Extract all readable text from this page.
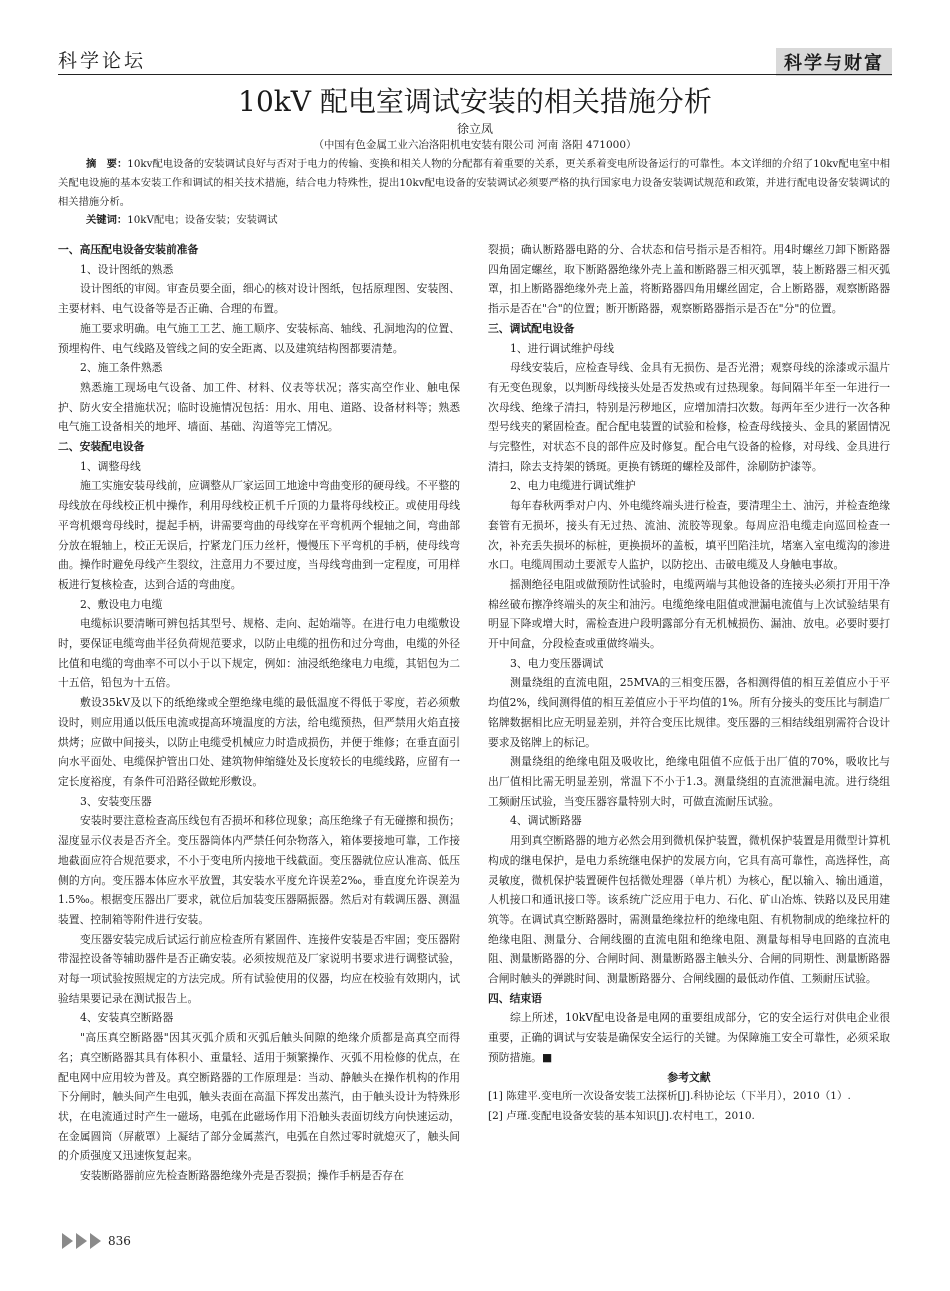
科学论坛	科学与财富
10kV 配电室调试安装的相关措施分析
徐立凤
（中国有色金属工业六冶洛阳机电安装有限公司 河南 洛阳 471000）
摘　要：10kv配电设备的安装调试良好与否对于电力的传输、变换和相关人物的分配都有着重要的关系，更关系着变电所设备运行的可靠性。本文详细的介绍了10kv配电室中相关配电设施的基本安装工作和调试的相关技术措施，结合电力特殊性，提出10kv配电设备的安装调试必须要严格的执行国家电力设备安装调试规范和政策，并进行配电设备安装调试的相关措施分析。
关键词：10kV配电；设备安装；安装调试

一、高压配电设备安装前准备

1、设计图纸的熟悉

设计图纸的审阅。审查员要全面，细心的核对设计图纸，包括原理图、安装图、主要材料、电气设备等是否正确、合理的布置。

施工要求明确。电气施工工艺、施工顺序、安装标高、轴线、孔洞地沟的位置、预埋构件、电气线路及管线之间的安全距离、以及建筑结构图都要清楚。

2、施工条件熟悉

熟悉施工现场电气设备、加工件、材料、仪表等状况；落实高空作业、触电保护、防火安全措施状况；临时设施情况包括：用水、用电、道路、设备材料等；熟悉电气施工设备相关的地坪、墙面、基础、沟道等完工情况。

二、安装配电设备

1、调整母线

施工实施安装母线前，应调整从厂家运回工地途中弯曲变形的硬母线。不平整的母线放在母线校正机中操作，利用母线校正机千斤顶的力量将母线校正。或使用母线平弯机煨弯母线时，提起手柄，讲需要弯曲的母线穿在平弯机两个辊轴之间，弯曲部分放在辊轴上，校正无误后，拧紧龙门压力丝杆，慢慢压下平弯机的手柄，使母线弯曲。操作时避免母线产生裂纹，注意用力不要过度，当母线弯曲到一定程度，可用样板进行复核检查，达到合适的弯曲度。

2、敷设电力电缆

电缆标识要清晰可辨包括其型号、规格、走向、起始端等。在进行电力电缆敷设时，要保证电缆弯曲半径负荷规范要求，以防止电缆的扭伤和过分弯曲，电缆的外径比值和电缆的弯曲率不可以小于以下规定，例如：油浸纸绝缘电力电缆，其铝包为二十五倍，铅包为十五倍。

敷设35kV及以下的纸绝缘或全塑绝缘电缆的最低温度不得低于零度，若必须敷设时，则应用通以低压电流或提高环境温度的方法，给电缆预热，但严禁用火焰直接烘烤；应做中间接头，以防止电缆受机械应力时造成损伤，并便于维修；在垂直面引向水平面处、电缆保护管出口处、建筑物伸缩缝处及长度较长的电缆线路，应留有一定长度裕度，有条件可沿路径做蛇形敷设。

3、安装变压器

安装时要注意检查高压线包有否损坏和移位现象；高压绝缘子有无碰擦和损伤；湿度显示仪表是否齐全。变压器筒体内严禁任何杂物落入，箱体要接地可靠，工作接地截面应符合规范要求，不小于变电所内接地干线截面。变压器就位应认准高、低压侧的方向。变压器本体应水平放置，其安装水平度允许误差2‰，垂直度允许误差为1.5‰。根据变压器出厂要求，就位后加装变压器隔振器。然后对有载调压器、测温装置、控制箱等附件进行安装。

变压器安装完成后试运行前应检查所有紧固件、连接件安装是否牢固；变压器附带湿控设备等辅助器件是否正确安装。必须按规范及厂家说明书要求进行调整试验，对每一项试验按照规定的方法完成。所有试验使用的仪器，均应在校验有效期内，试验结果要记录在测试报告上。

4、安装真空断路器

"高压真空断路器"因其灭弧介质和灭弧后触头间隙的绝缘介质都是高真空而得名；真空断路器其具有体积小、重量轻、适用于频繁操作、灭弧不用检修的优点，在配电网中应用较为普及。真空断路器的工作原理是：当动、静触头在操作机构的作用下分闸时，触头间产生电弧，触头表面在高温下挥发出蒸汽，由于触头设计为特殊形状，在电流通过时产生一磁场，电弧在此磁场作用下沿触头表面切线方向快速运动，在金属圆筒（屏蔽罩）上凝结了部分金属蒸汽，电弧在自然过零时就熄灭了，触头间的介质强度又迅速恢复起来。

安装断路器前应先检查断路器绝缘外壳是否裂损；操作手柄是否存在

裂损；确认断路器电路的分、合状态和信号指示是否相符。用4时螺丝刀卸下断路器四角固定螺丝，取下断路器绝缘外壳上盖和断路器三相灭弧罩，装上断路器三相灭弧罩，扣上断路器绝缘外壳上盖，将断路器四角用螺丝固定，合上断路器，观察断路器指示是否在"合"的位置；断开断路器，观察断路器指示是否在"分"的位置。

三、调试配电设备

1、进行调试维护母线

母线安装后，应检查导线、金具有无损伤、是否光滑；观察母线的涂漆或示温片有无变色现象，以判断母线接头处是否发热或有过热现象。每间隔半年至一年进行一次母线、绝缘子清扫，特别是污秽地区，应增加清扫次数。每两年至少进行一次各种型号线夹的紧固检查。配合配电装置的试验和检修，检查母线接头、金具的紧固情况与完整性，对状态不良的部件应及时修复。配合电气设备的检修，对母线、金具进行清扫，除去支持架的锈斑。更换有锈斑的螺栓及部件，涂刷防护漆等。

2、电力电缆进行调试维护

每年春秋两季对户内、外电缆终端头进行检查，要清理尘土、油污，并检查绝缘套管有无损坏，接头有无过热、流油、流胶等现象。每周应沿电缆走向巡回检查一次，补充丢失损坏的标桩，更换损坏的盖板，填平凹陷洼坑，堵塞入室电缆沟的渗进水口。电缆周围动土要派专人监护，以防挖出、击破电缆及人身触电事故。

摇测绝径电阻或做预防性试验时，电缆两端与其他设备的连接头必须打开用干净棉丝破布擦净终端头的灰尘和油污。电缆绝缘电阻值或泄漏电流值与上次试验结果有明显下降或增大时，需检查进户段明露部分有无机械损伤、漏油、放电。必要时要打开中间盒，分段检查或重做终端头。

3、电力变压器调试

测量绕组的直流电阻，25MVA的三相变压器，各相测得值的相互差值应小于平均值2%，线间测得值的相互差值应小于平均值的1%。所有分接头的变压比与制造厂铭牌数据相比应无明显差别，并符合变压比规律。变压器的三相结线组别需符合设计要求及铭牌上的标记。

测量绕组的绝缘电阻及吸收比，绝缘电阻值不应低于出厂值的70%，吸收比与出厂值相比需无明显差别，常温下不小于1.3。测量绕组的直流泄漏电流。进行绕组工频耐压试验，当变压器容量特别大时，可做直流耐压试验。

4、调试断路器

用到真空断路器的地方必然会用到微机保护装置，微机保护装置是用微型计算机构成的继电保护，是电力系统继电保护的发展方向，它具有高可靠性，高选择性，高灵敏度，微机保护装置硬件包括微处理器（单片机）为核心，配以输入、输出通道，人机接口和通讯接口等。该系统广泛应用于电力、石化、矿山冶炼、铁路以及民用建筑等。在调试真空断路器时，需测量绝缘拉杆的绝缘电阻、有机物制成的绝缘拉杆的绝缘电阻、测量分、合闸线圈的直流电阻和绝缘电阻、测量每相导电回路的直流电阻、测量断路器的分、合闸时间、测量断路器主触头分、合闸的同期性、测量断路器合闸时触头的弹跳时间、测量断路器分、合闸线圈的最低动作值、工频耐压试验。

四、结束语

综上所述，10kV配电设备是电网的重要组成部分，它的安全运行对供电企业很重要，正确的调试与安装是确保安全运行的关键。为保障施工安全可靠性，必须采取预防措施。■

参考文献

[1] 陈建平.变电所一次设备安装工法探析[J].科协论坛（下半月），2010（1）.

[2] 卢瑾.变配电设备安装的基本知识[J].农村电工，2010.

836
